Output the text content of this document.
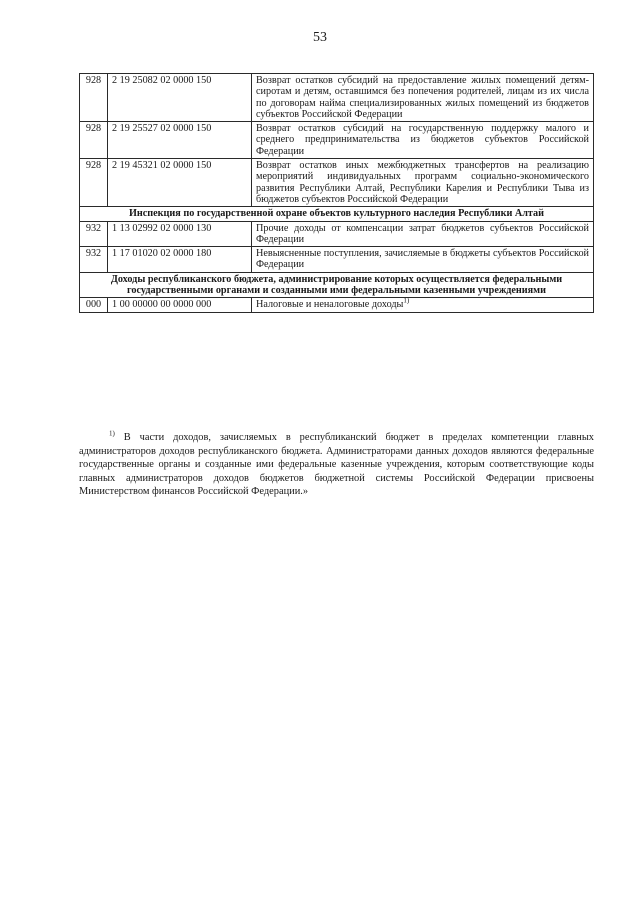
53
928	2 19 25082 02 0000 150	Возврат остатков субсидий на предоставление жилых помещений детям-сиротам и детям, оставшимся без попечения родителей, лицам из их числа по договорам найма специализированных жилых помещений из бюджетов субъектов Российской Федерации
928	2 19 25527 02 0000 150	Возврат остатков субсидий на государственную поддержку малого и среднего предпринимательства из бюджетов субъектов Российской Федерации
928	2 19 45321 02 0000 150	Возврат остатков иных межбюджетных трансфертов на реализацию мероприятий индивидуальных программ социально-экономического развития Республики Алтай, Республики Карелия и Республики Тыва из бюджетов субъектов Российской Федерации
Инспекция по государственной охране объектов культурного наследия Республики Алтай		
932	1 13 02992 02 0000 130	Прочие доходы от компенсации затрат бюджетов субъектов Российской Федерации
932	1 17 01020 02 0000 180	Невыясненные поступления, зачисляемые в бюджеты субъектов Российской Федерации
Доходы республиканского бюджета, администрирование которых осуществляется федеральными государственными органами и созданными ими федеральными казенными учреждениями		
000	1 00 00000 00 0000 000	Налоговые и неналоговые доходы$^{1)}$
$^{1)}$ В части доходов, зачисляемых в республиканский бюджет в пределах компетенции главных администраторов доходов республиканского бюджета. Администраторами данных доходов являются федеральные государственные органы и созданные ими федеральные казенные учреждения, которым соответствующие коды главных администраторов доходов бюджетов бюджетной системы Российской Федерации присвоены Министерством финансов Российской Федерации.»
